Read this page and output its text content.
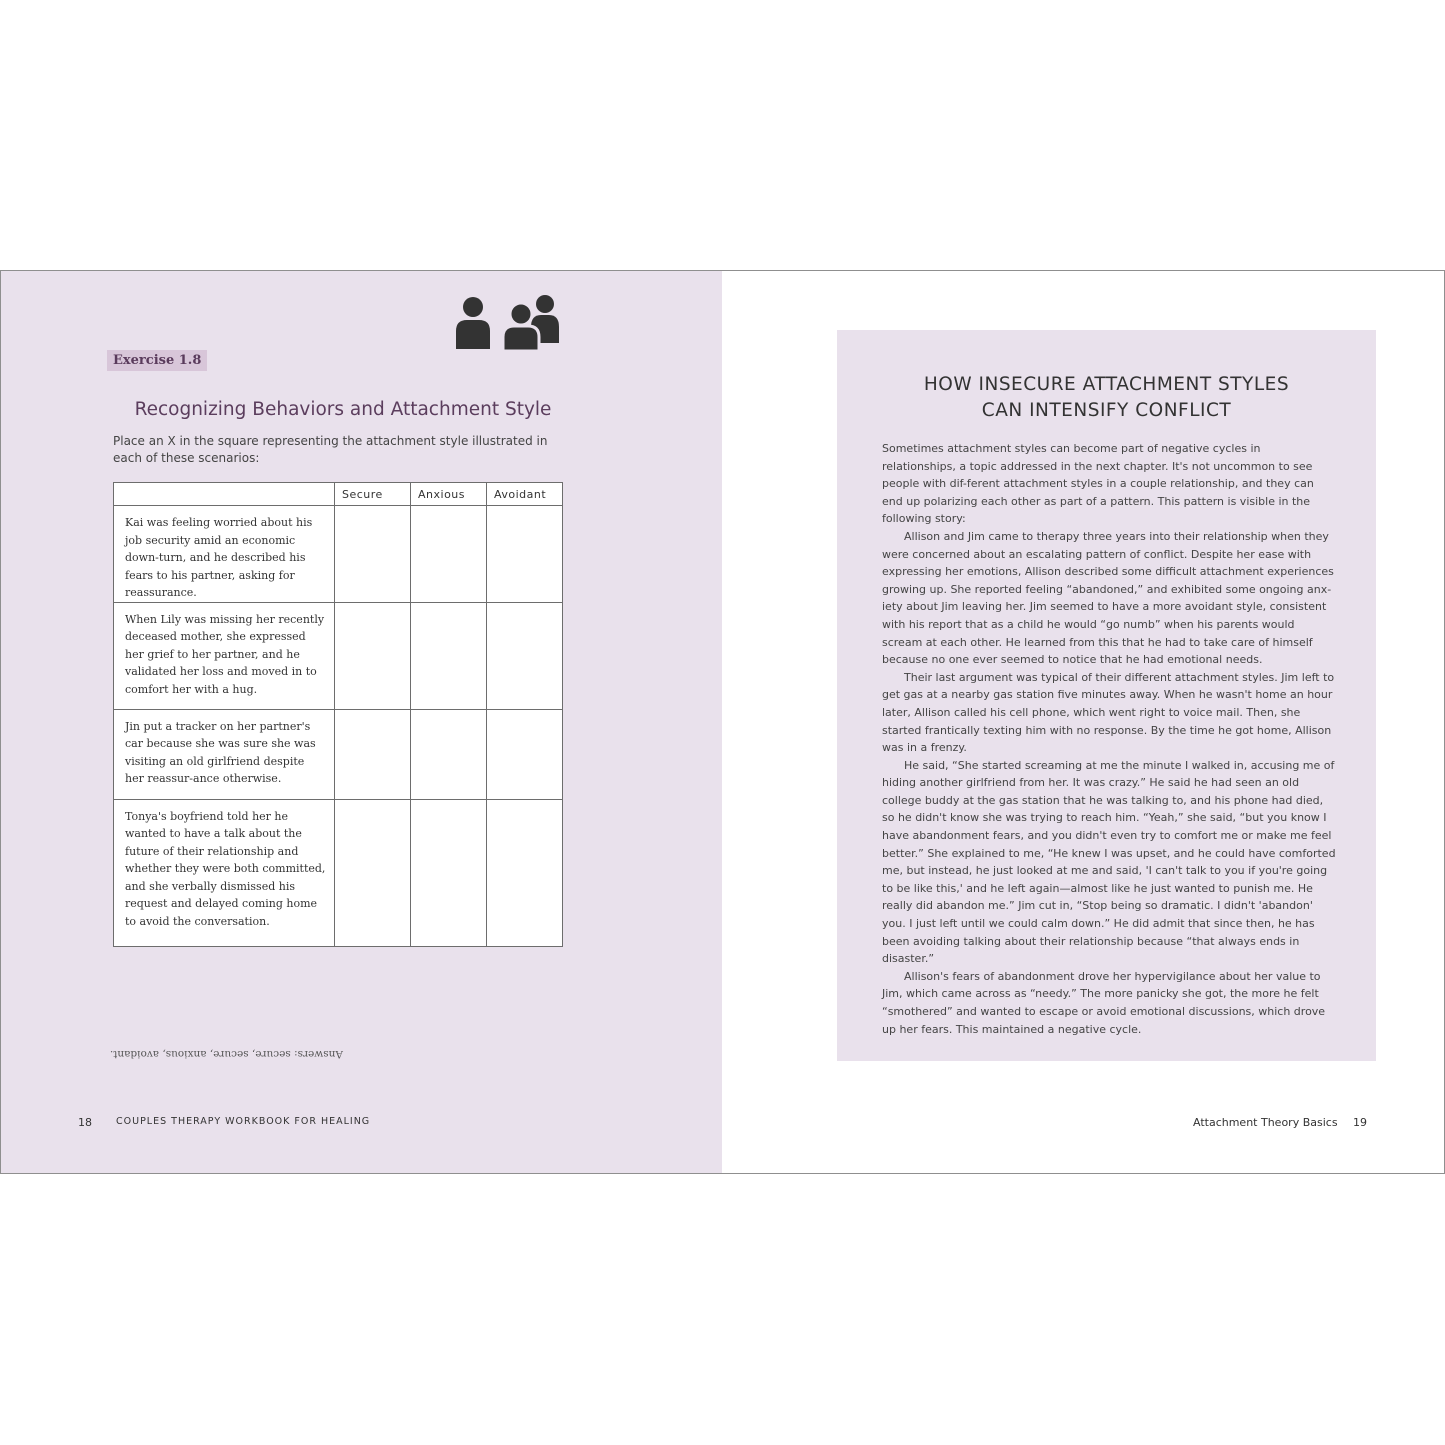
Exercise 1.8
Recognizing Behaviors and Attachment Style
Place an X in the square representing the attachment style illustrated in each of these scenarios:
	Secure	Anxious	Avoidant
Kai was feeling worried about his job security amid an economic down-turn, and he described his fears to his partner, asking for reassurance.			
When Lily was missing her recently deceased mother, she expressed her grief to her partner, and he validated her loss and moved in to comfort her with a hug.			
Jin put a tracker on her partner's car because she was sure she was visiting an old girlfriend despite her reassur-ance otherwise.			
Tonya's boyfriend told her he wanted to have a talk about the future of their relationship and whether they were both committed, and she verbally dismissed his request and delayed coming home to avoid the conversation.			
Answers: secure, secure, anxious, avoidant.
18	COUPLES THERAPY WORKBOOK FOR HEALING
HOW INSECURE ATTACHMENT STYLES
CAN INTENSIFY CONFLICT

Sometimes attachment styles can become part of negative cycles in relationships, a topic addressed in the next chapter. It's not uncommon to see people with dif-ferent attachment styles in a couple relationship, and they can end up polarizing each other as part of a pattern. This pattern is visible in the following story:

Allison and Jim came to therapy three years into their relationship when they were concerned about an escalating pattern of conflict. Despite her ease with expressing her emotions, Allison described some difficult attachment experiences growing up. She reported feeling “abandoned,” and exhibited some ongoing anx-iety about Jim leaving her. Jim seemed to have a more avoidant style, consistent with his report that as a child he would “go numb” when his parents would scream at each other. He learned from this that he had to take care of himself because no one ever seemed to notice that he had emotional needs.

Their last argument was typical of their different attachment styles. Jim left to get gas at a nearby gas station five minutes away. When he wasn't home an hour later, Allison called his cell phone, which went right to voice mail. Then, she started frantically texting him with no response. By the time he got home, Allison was in a frenzy.

He said, “She started screaming at me the minute I walked in, accusing me of hiding another girlfriend from her. It was crazy.” He said he had seen an old college buddy at the gas station that he was talking to, and his phone had died, so he didn't know she was trying to reach him. “Yeah,” she said, “but you know I have abandonment fears, and you didn't even try to comfort me or make me feel better.” She explained to me, “He knew I was upset, and he could have comforted me, but instead, he just looked at me and said, 'I can't talk to you if you're going to be like this,' and he left again—almost like he just wanted to punish me. He really did abandon me.” Jim cut in, “Stop being so dramatic. I didn't 'abandon' you. I just left until we could calm down.” He did admit that since then, he has been avoiding talking about their relationship because “that always ends in disaster.”

Allison's fears of abandonment drove her hypervigilance about her value to Jim, which came across as “needy.” The more panicky she got, the more he felt “smothered” and wanted to escape or avoid emotional discussions, which drove up her fears. This maintained a negative cycle.

Attachment Theory Basics 19
